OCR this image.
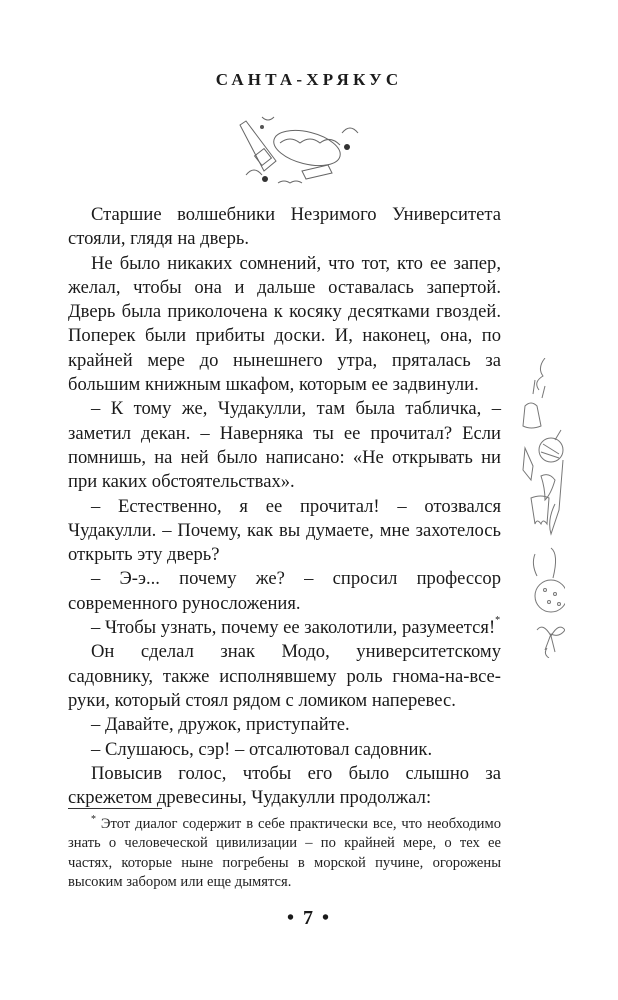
САНТА-ХРЯКУС

Старшие волшебники Незримого Университета стояли, глядя на дверь.

Не было никаких сомнений, что тот, кто ее запер, желал, чтобы она и дальше оставалась запертой. Дверь была приколочена к косяку десятками гвоздей. Поперек были прибиты доски. И, наконец, она, по крайней мере до нынешнего утра, пряталась за большим книжным шкафом, которым ее задвинули.

– К тому же, Чудакулли, там была табличка, – заметил декан. – Наверняка ты ее прочитал? Если помнишь, на ней было написано: «Не открывать ни при каких обстоятельствах».

– Естественно, я ее прочитал! – отозвался Чудакулли. – Почему, как вы думаете, мне захотелось открыть эту дверь?

– Э-э... почему же? – спросил профессор современного руносложения.

– Чтобы узнать, почему ее заколотили, разумеется!*

Он сделал знак Модо, университетскому садовнику, также исполнявшему роль гнома-на-все-руки, который стоял рядом с ломиком наперевес.

– Давайте, дружок, приступайте.

– Слушаюсь, сэр! – отсалютовал садовник.

Повысив голос, чтобы его было слышно за скрежетом древесины, Чудакулли продолжал:

* Этот диалог содержит в себе практически все, что необходимо знать о человеческой цивилизации – по крайней мере, о тех ее частях, которые ныне погребены в морской пучине, огорожены высоким забором или еще дымятся.

• 7 •
